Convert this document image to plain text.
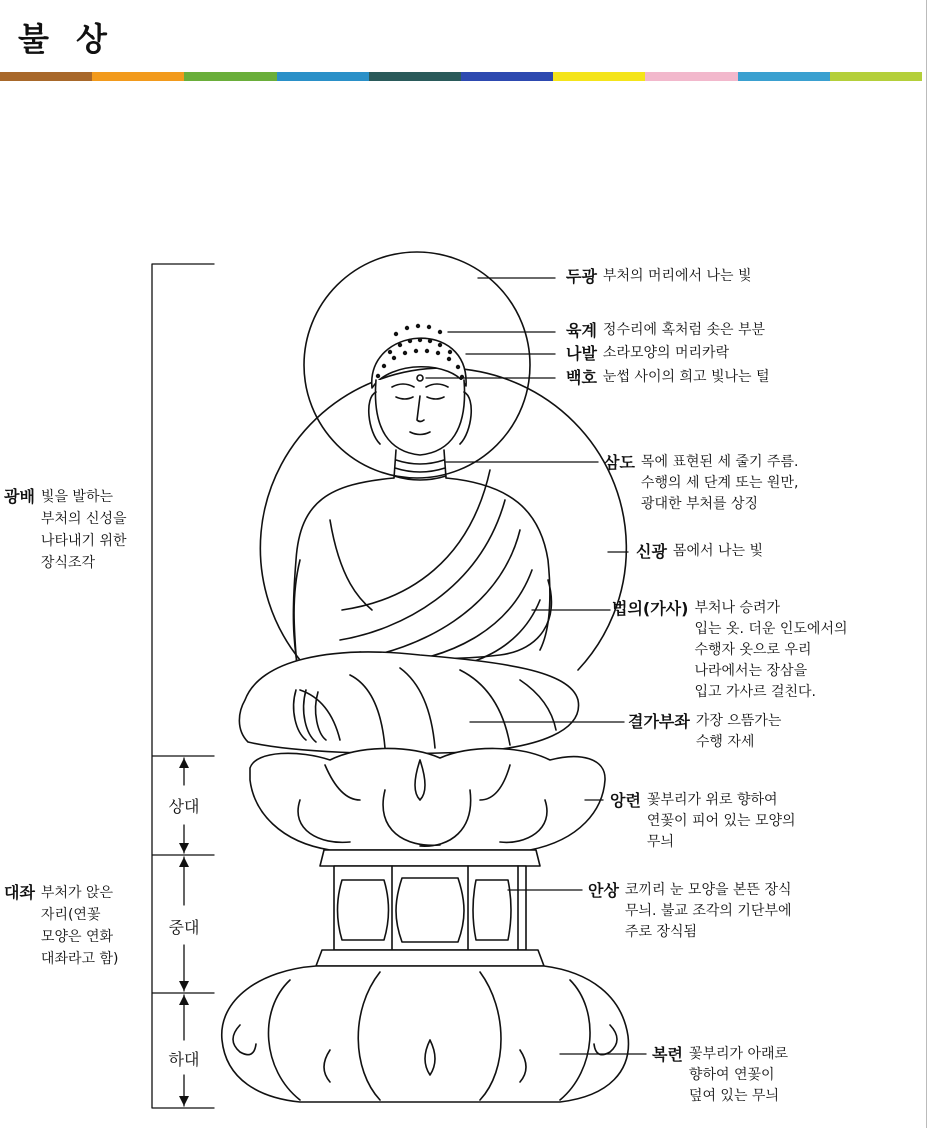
불 상
두광 부처의 머리에서 나는 빛
육계 정수리에 혹처럼 솟은 부분
나발 소라모양의 머리카락
백호 눈썹 사이의 희고 빛나는 털
삼도 목에 표현된 세 줄기 주름.
수행의 세 단계 또는 원만,
광대한 부처를 상징
신광 몸에서 나는 빛
법의(가사) 부처나 승려가
입는 옷. 더운 인도에서의
수행자 옷으로 우리
나라에서는 장삼을
입고 가사르 걸친다.
결가부좌 가장 으뜸가는
수행 자세
앙련 꽃부리가 위로 향하여
연꽃이 피어 있는 모양의
무늬
안상 코끼리 눈 모양을 본뜬 장식
무늬. 불교 조각의 기단부에
주로 장식됨
복련 꽃부리가 아래로
향하여 연꽃이
덮여 있는 무늬
광배 빛을 발하는
부처의 신성을
나타내기 위한
장식조각
대좌 부처가 앉은
자리(연꽃
모양은 연화
대좌라고 함)
상대
중대
하대
